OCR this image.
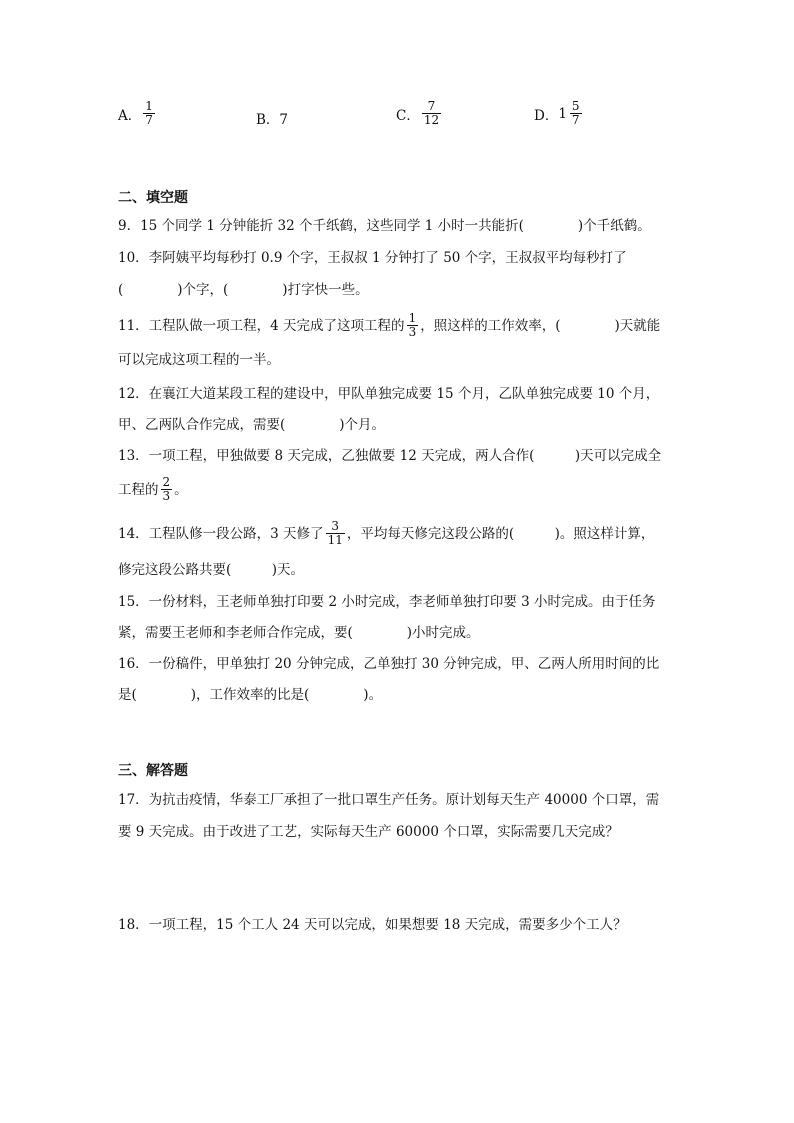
A． $\frac{1}{7}$	B．7	C． $\frac{7}{12}$	D． $1 \frac{5}{7}$
二、填空题
9．15 个同学 1 分钟能折 32 个千纸鹤，这些同学 1 小时一共能折(　　　　)个千纸鹤。
10．李阿姨平均每秒打 0.9 个字，王叔叔 1 分钟打了 50 个字，王叔叔平均每秒打了
(　　　　)个字，(　　　　)打字快一些。
11．工程队做一项工程，4 天完成了这项工程的 $\frac{1}{3}$ ，照这样的工作效率，(　　　　)天就能
可以完成这项工程的一半。
12．在襄江大道某段工程的建设中，甲队单独完成要 15 个月，乙队单独完成要 10 个月，
甲、乙两队合作完成，需要(　　　　)个月。
13．一项工程，甲独做要 8 天完成，乙独做要 12 天完成，两人合作(　　　)天可以完成全
工程的 $\frac{2}{3}$ 。
14．工程队修一段公路，3 天修了 $\frac{3}{11}$ ，平均每天修完这段公路的(　　　)。照这样计算，
修完这段公路共要(　　　)天。
15．一份材料，王老师单独打印要 2 小时完成，李老师单独打印要 3 小时完成。由于任务
紧，需要王老师和李老师合作完成，要(　　　　)小时完成。
16．一份稿件，甲单独打 20 分钟完成，乙单独打 30 分钟完成，甲、乙两人所用时间的比
是(　　　　)，工作效率的比是(　　　　)。
三、解答题
17．为抗击疫情，华泰工厂承担了一批口罩生产任务。原计划每天生产 40000 个口罩，需
要 9 天完成。由于改进了工艺，实际每天生产 60000 个口罩，实际需要几天完成？
18．一项工程，15 个工人 24 天可以完成，如果想要 18 天完成，需要多少个工人？
